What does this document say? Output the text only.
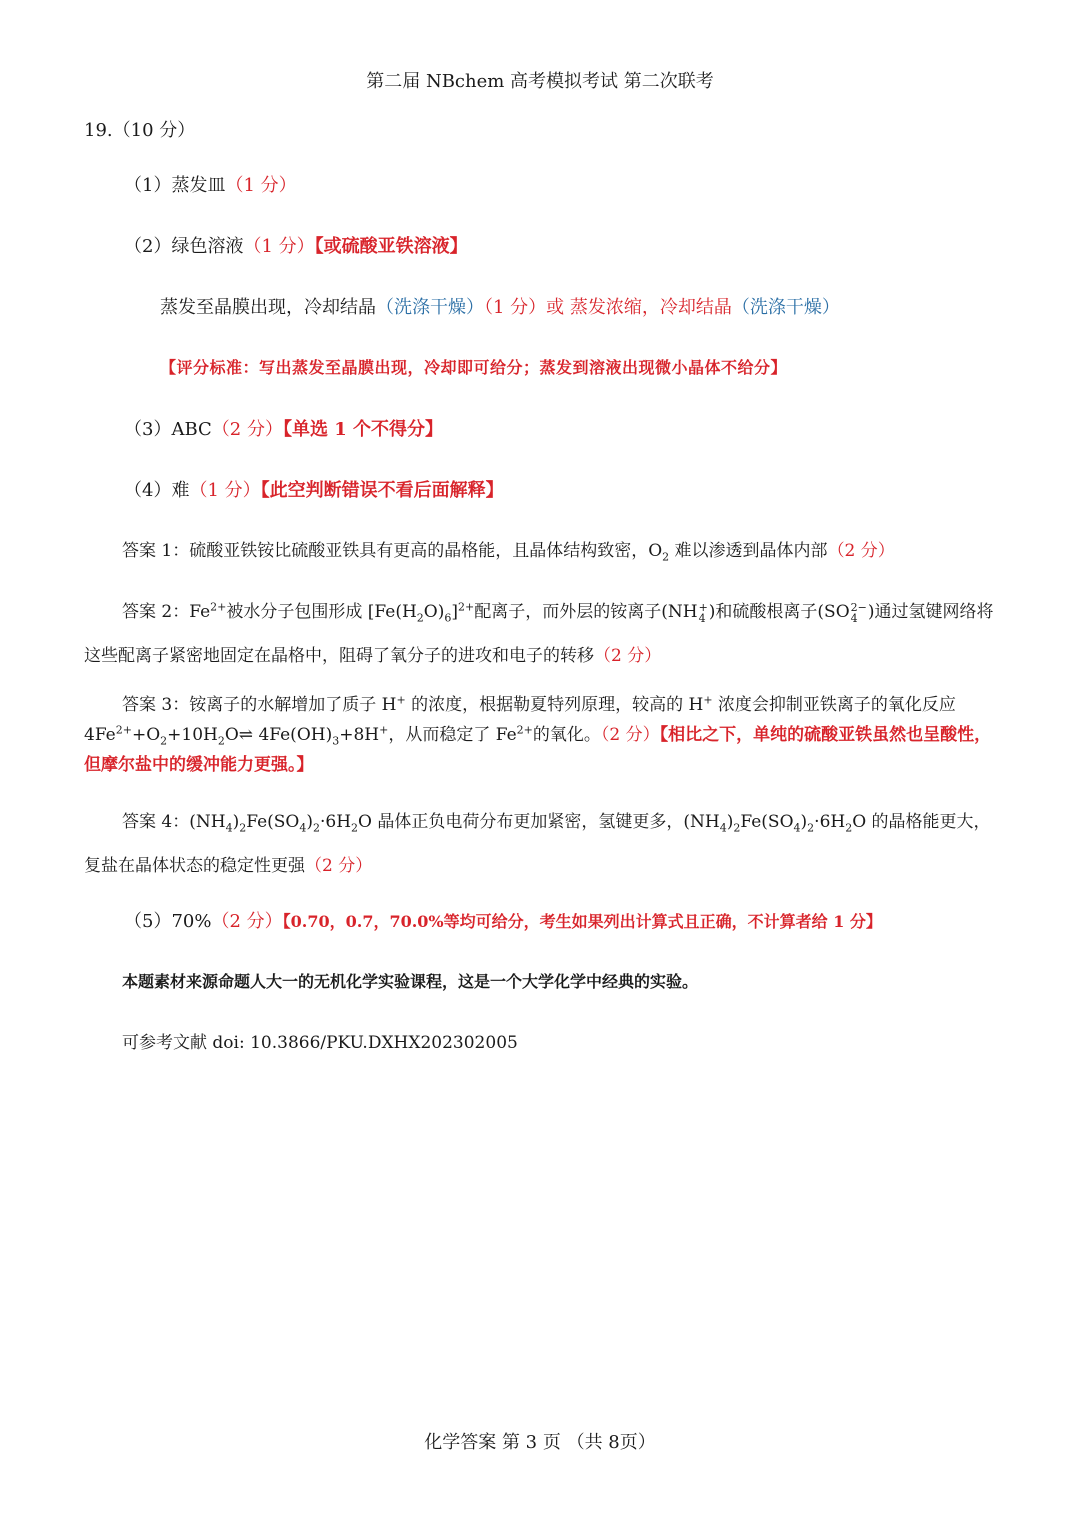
第二届 NBchem 高考模拟考试 第二次联考
19.（10 分）
（1）蒸发皿（1 分）
（2）绿色溶液（1 分）【或硫酸亚铁溶液】
蒸发至晶膜出现，冷却结晶（洗涤干燥）（1 分）或 蒸发浓缩，冷却结晶（洗涤干燥）
【评分标准：写出蒸发至晶膜出现，冷却即可给分；蒸发到溶液出现微小晶体不给分】
（3）ABC（2 分）【单选 1 个不得分】
（4）难（1 分）【此空判断错误不看后面解释】
答案 1：硫酸亚铁铵比硫酸亚铁具有更高的晶格能，且晶体结构致密，$O_2$ 难以渗透到晶体内部（2 分）
答案 2：$Fe^{2+}$被水分子包围形成 $[Fe(H_2O)_6]^{2+}$配离子，而外层的铵离子(NH +
4 )和硫酸根离子(SO 2−
4 )通过氢键网络将这些配离子紧密地固定在晶格中，阻碍了氧分子的进攻和电子的转移（2 分）
答案 3：铵离子的水解增加了质子 H+ 的浓度，根据勒夏特列原理，较高的 H+ 浓度会抑制亚铁离子的氧化反应 $4Fe^{2+}+O_2+10H_2O\rightleftharpoons$ $4Fe(OH)_3+8H^+$，从而稳定了 $Fe^{2+}$的氧化。（2 分）【相比之下，单纯的硫酸亚铁虽然也呈酸性，但摩尔盐中的缓冲能力更强。】
答案 4：$(NH_4)_2Fe(SO_4)_2\cdot 6H_2O$ 晶体正负电荷分布更加紧密，氢键更多，$(NH_4)_2Fe(SO_4)_2\cdot 6H_2O$ 的晶格能更大，复盐在晶体状态的稳定性更强（2 分）
（5）70%（2 分）【0.70，0.7，70.0%等均可给分，考生如果列出计算式且正确，不计算者给 1 分】
本题素材来源命题人大一的无机化学实验课程，这是一个大学化学中经典的实验。
可参考文献 doi: 10.3866/PKU.DXHX202302005
化学答案 第 3 页 （共 8页）
